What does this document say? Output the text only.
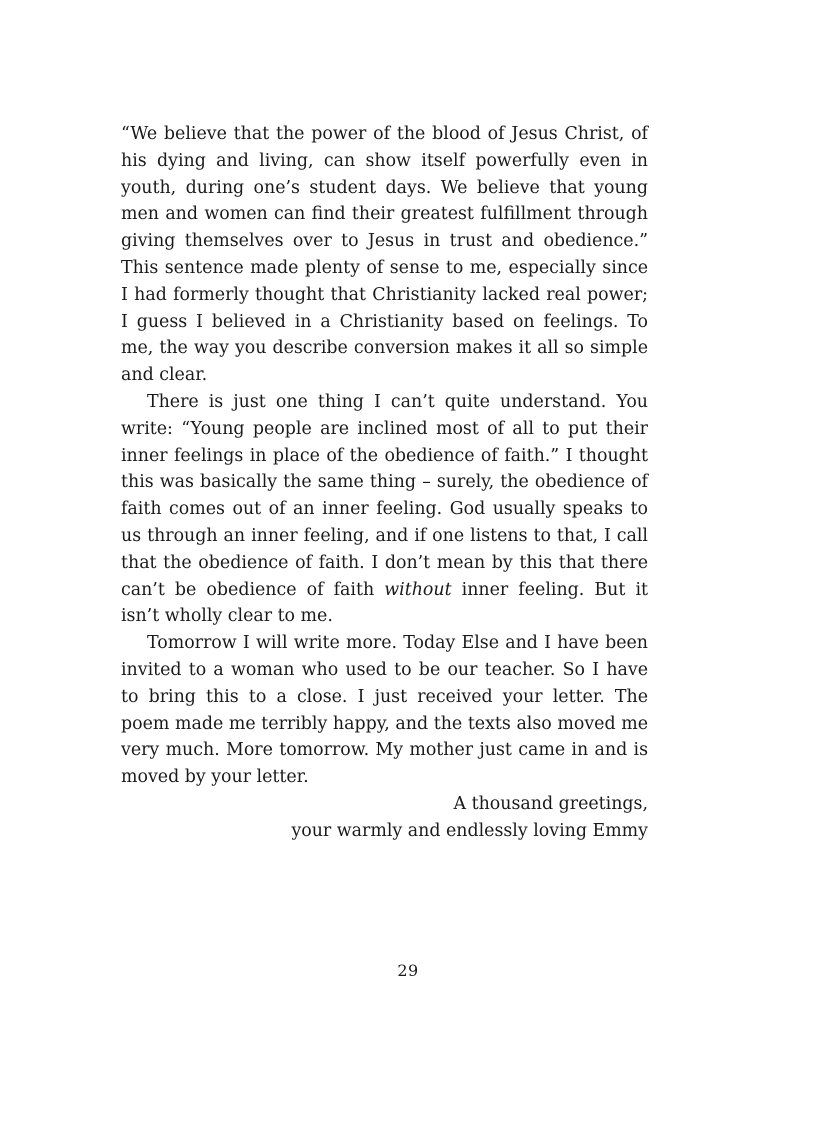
“We believe that the power of the blood of Jesus Christ, of his dying and living, can show itself powerfully even in youth, during one’s student days. We believe that young men and women can find their greatest fulfillment through giving themselves over to Jesus in trust and obedience.” This sentence made plenty of sense to me, especially since I had formerly thought that Christianity lacked real power; I guess I believed in a Christianity based on feelings. To me, the way you describe conversion makes it all so simple and clear.

There is just one thing I can’t quite understand. You write: “Young people are inclined most of all to put their inner feelings in place of the obedience of faith.” I thought this was basically the same thing – surely, the obedience of faith comes out of an inner feeling. God usually speaks to us through an inner feeling, and if one listens to that, I call that the obedience of faith. I don’t mean by this that there can’t be obedience of faith without inner feeling. But it isn’t wholly clear to me.

Tomorrow I will write more. Today Else and I have been invited to a woman who used to be our teacher. So I have to bring this to a close. I just received your letter. The poem made me terribly happy, and the texts also moved me very much. More tomorrow. My mother just came in and is moved by your letter.

A thousand greetings,

your warmly and endlessly loving Emmy

29
